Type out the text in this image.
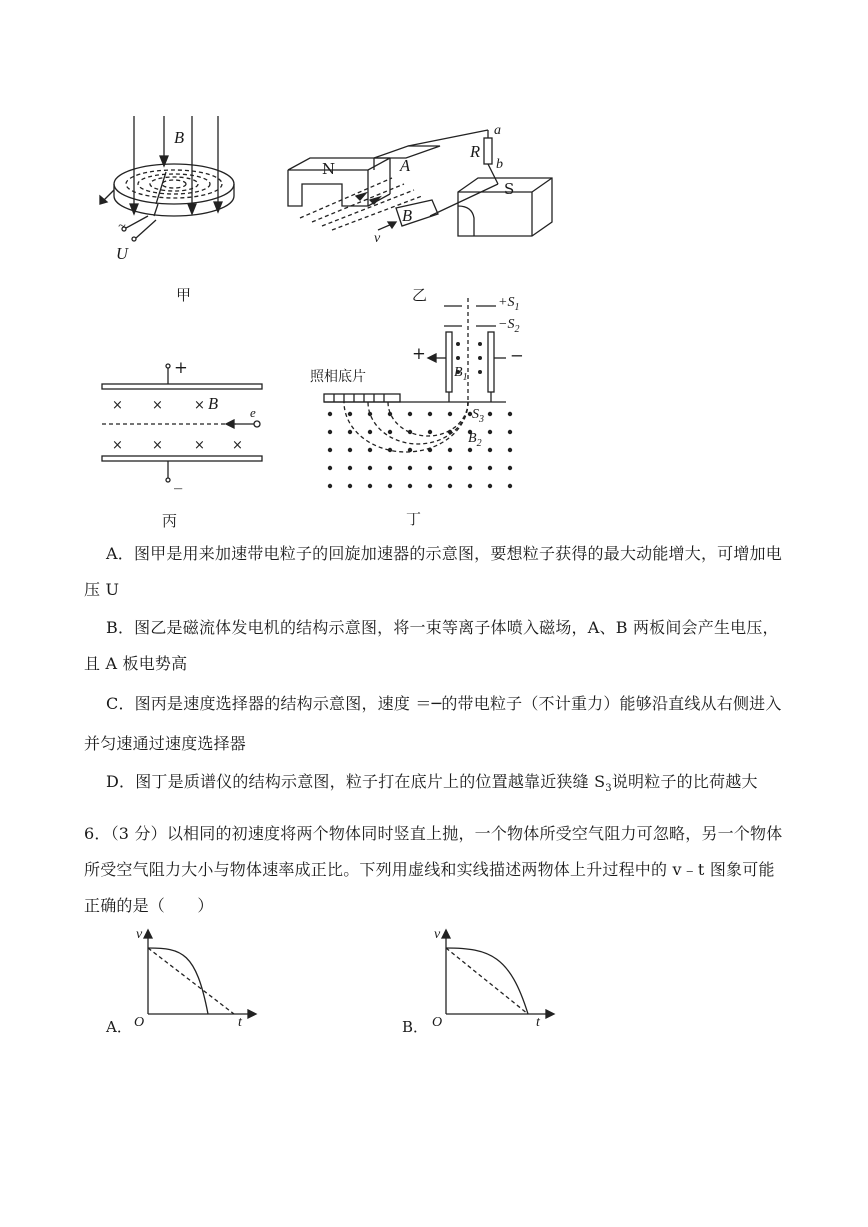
B
~
U
甲
N	A
R
a
b
S
B
v
乙
× × ×
× × × ×
+
B e
_
丙
+	−
照相底片
$+S_1$
$-S_2$
$B_1$
$S_3$
$B_2$
丁

A．图甲是用来加速带电粒子的回旋加速器的示意图，要想粒子获得的最大动能增大，可增加电压 U

B．图乙是磁流体发电机的结构示意图，将一束等离子体喷入磁场，A、B 两板间会产生电压，且 A 板电势高

C．图丙是速度选择器的结构示意图，速度 ＝─的带电粒子（不计重力）能够沿直线从右侧进入并匀速通过速度选择器

D．图丁是质谱仪的结构示意图，粒子打在底片上的位置越靠近狭缝 $S_3$说明粒子的比荷越大

6．（3 分）以相同的初速度将两个物体同时竖直上抛，一个物体所受空气阻力可忽略，另一个物体所受空气阻力大小与物体速率成正比。下列用虚线和实线描述两物体上升过程中的 v﹣t 图象可能正确的是（　　）
v
O	t
A．
v
O	t
B．
